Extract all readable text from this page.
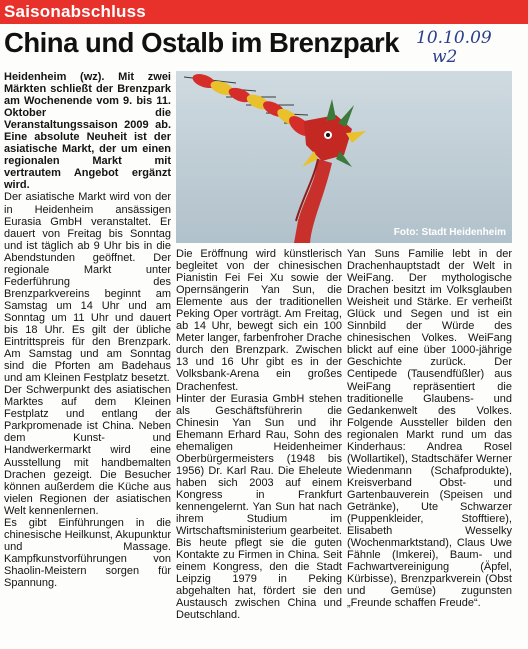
Saisonabschluss
China und Ostalb im Brenzpark 10.10.09
w2

Heidenheim (wz). Mit zwei Märkten schließt der Brenzpark am Wochenende vom 9. bis 11. Oktober die Veranstaltungssaison 2009 ab. Eine absolute Neuheit ist der asiatische Markt, der um einen regionalen Markt mit vertrautem Angebot ergänzt wird.

Der asiatische Markt wird von der in Heidenheim ansässigen Eurasia GmbH veranstaltet. Er dauert von Freitag bis Sonntag und ist täglich ab 9 Uhr bis in die Abendstunden geöffnet. Der regionale Markt unter Federführung des Brenzparkvereins beginnt am Samstag um 14 Uhr und am Sonntag um 11 Uhr und dauert bis 18 Uhr. Es gilt der übliche Eintrittspreis für den Brenzpark. Am Samstag und am Sonntag sind die Pforten am Badehaus und am Kleinen Festplatz besetzt.

Der Schwerpunkt des asiatischen Marktes auf dem Kleinen Festplatz und entlang der Parkpromenade ist China. Neben dem Kunst- und Handwerkermarkt wird eine Ausstellung mit handbemalten Drachen gezeigt. Die Besucher können außerdem die Küche aus vielen Regionen der asiatischen Welt kennenlernen.

Es gibt Einführungen in die chinesische Heilkunst, Akupunktur und Massage. Kampfkunstvorführungen von Shaolin-Meistern sorgen für Spannung.

Foto: Stadt Heidenheim

Die Eröffnung wird künstlerisch begleitet von der chinesischen Pianistin Fei Fei Xu sowie der Opernsängerin Yan Sun, die Elemente aus der traditionellen Peking Oper vorträgt. Am Freitag, ab 14 Uhr, bewegt sich ein 100 Meter langer, farbenfroher Drache durch den Brenzpark. Zwischen 13 und 16 Uhr gibt es in der Volksbank-Arena ein großes Drachenfest.

Hinter der Eurasia GmbH stehen als Geschäftsführerin die Chinesin Yan Sun und ihr Ehemann Erhard Rau, Sohn des ehemaligen Heidenheimer Oberbürgermeisters (1948 bis 1956) Dr. Karl Rau. Die Eheleute haben sich 2003 auf einem Kongress in Frankfurt kennengelernt. Yan Sun hat nach ihrem Studium im Wirtschaftsministerium gearbeitet. Bis heute pflegt sie die guten Kontakte zu Firmen in China. Seit einem Kongress, den die Stadt Leipzig 1979 in Peking abgehalten hat, fördert sie den Austausch zwischen China und Deutschland.

Yan Suns Familie lebt in der Drachenhauptstadt der Welt in WeiFang. Der mythologische Drachen besitzt im Volksglauben Weisheit und Stärke. Er verheißt Glück und Segen und ist ein Sinnbild der Würde des chinesischen Volkes. WeiFang blickt auf eine über 1000-jährige Geschichte zurück. Der Centipede (Tausendfüßler) aus WeiFang repräsentiert die traditionelle Glaubens- und Gedankenwelt des Volkes. Folgende Aussteller bilden den regionalen Markt rund um das Kinderhaus: Andrea Rosel (Wollartikel), Stadtschäfer Werner Wiedenmann (Schafprodukte), Kreisverband Obst- und Gartenbauverein (Speisen und Getränke), Ute Schwarzer (Puppenkleider, Stofftiere), Elisabeth Wesselky (Wochenmarktstand), Claus Uwe Fähnle (Imkerei), Baum- und Fachwartvereinigung (Äpfel, Kürbisse), Brenzparkverein (Obst und Gemüse) zugunsten „Freunde schaffen Freude“.
